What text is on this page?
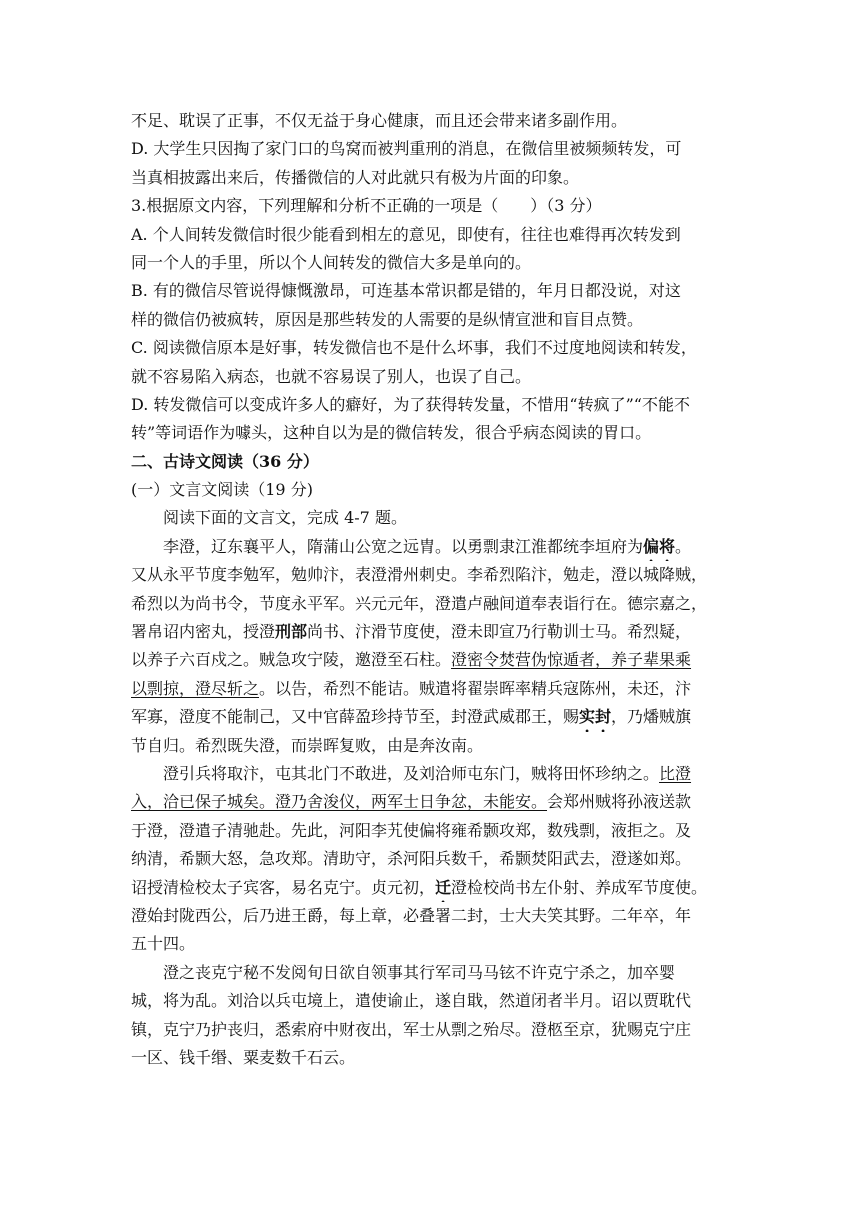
不足、耽误了正事，不仅无益于身心健康，而且还会带来诸多副作用。
D. 大学生只因掏了家门口的鸟窝而被判重刑的消息，在微信里被频频转发，可
当真相披露出来后，传播微信的人对此就只有极为片面的印象。
3.根据原文内容，下列理解和分析不正确的一项是（　　）（3 分）
A. 个人间转发微信时很少能看到相左的意见，即使有，往往也难得再次转发到
同一个人的手里，所以个人间转发的微信大多是单向的。
B. 有的微信尽管说得慷慨激昂，可连基本常识都是错的，年月日都没说，对这
样的微信仍被疯转，原因是那些转发的人需要的是纵情宣泄和盲目点赞。
C. 阅读微信原本是好事，转发微信也不是什么坏事，我们不过度地阅读和转发，
就不容易陷入病态，也就不容易误了别人，也误了自己。
D. 转发微信可以变成许多人的癖好，为了获得转发量，不惜用“转疯了”“不能不
转”等词语作为噱头，这种自以为是的微信转发，很合乎病态阅读的胃口。
二、古诗文阅读（36 分）
(一）文言文阅读（19 分)
阅读下面的文言文，完成 4-7 题。
李澄，辽东襄平人，隋蒲山公宽之远胄。以勇剽隶江淮都统李垣府为偏将。
又从永平节度李勉军，勉帅汴，表澄滑州刺史。李希烈陷汴，勉走，澄以城降贼，
希烈以为尚书令，节度永平军。兴元元年，澄遣卢融间道奉表诣行在。德宗嘉之，
署帛诏内密丸，授澄刑部尚书、汴滑节度使，澄未即宣乃行勒训士马。希烈疑，
以养子六百戍之。贼急攻宁陵，邀澄至石柱。澄密令焚营伪惊遁者，养子辈果乘
以剽掠，澄尽斩之。以告，希烈不能诘。贼遣将翟崇晖率精兵寇陈州，未还，汴
军寡，澄度不能制己，又中官薛盈珍持节至，封澄武威郡王，赐实封，乃燔贼旗
节自归。希烈既失澄，而崇晖复败，由是奔汝南。
澄引兵将取汴，屯其北门不敢进，及刘洽师屯东门，贼将田怀珍纳之。比澄
入，洽已保子城矣。澄乃舍浚仪，两军士日争忿，未能安。会郑州贼将孙液送款
于澄，澄遣子清驰赴。先此，河阳李艽使偏将雍希颢攻郑，数残剽，液拒之。及
纳清，希颢大怒，急攻郑。清助守，杀河阳兵数千，希颢焚阳武去，澄遂如郑。
诏授清检校太子宾客，易名克宁。贞元初，迁澄检校尚书左仆射、养成军节度使。
澄始封陇西公，后乃进王爵，每上章，必叠署二封，士大夫笑其野。二年卒，年
五十四。
澄之丧克宁秘不发阅旬日欲自领事其行军司马马铉不许克宁杀之，加卒婴
城，将为乱。刘洽以兵屯境上，遣使谕止，遂自戢，然道闭者半月。诏以贾耽代
镇，克宁乃护丧归，悉索府中财夜出，军士从剽之殆尽。澄柩至京，犹赐克宁庄
一区、钱千缗、粟麦数千石云。
